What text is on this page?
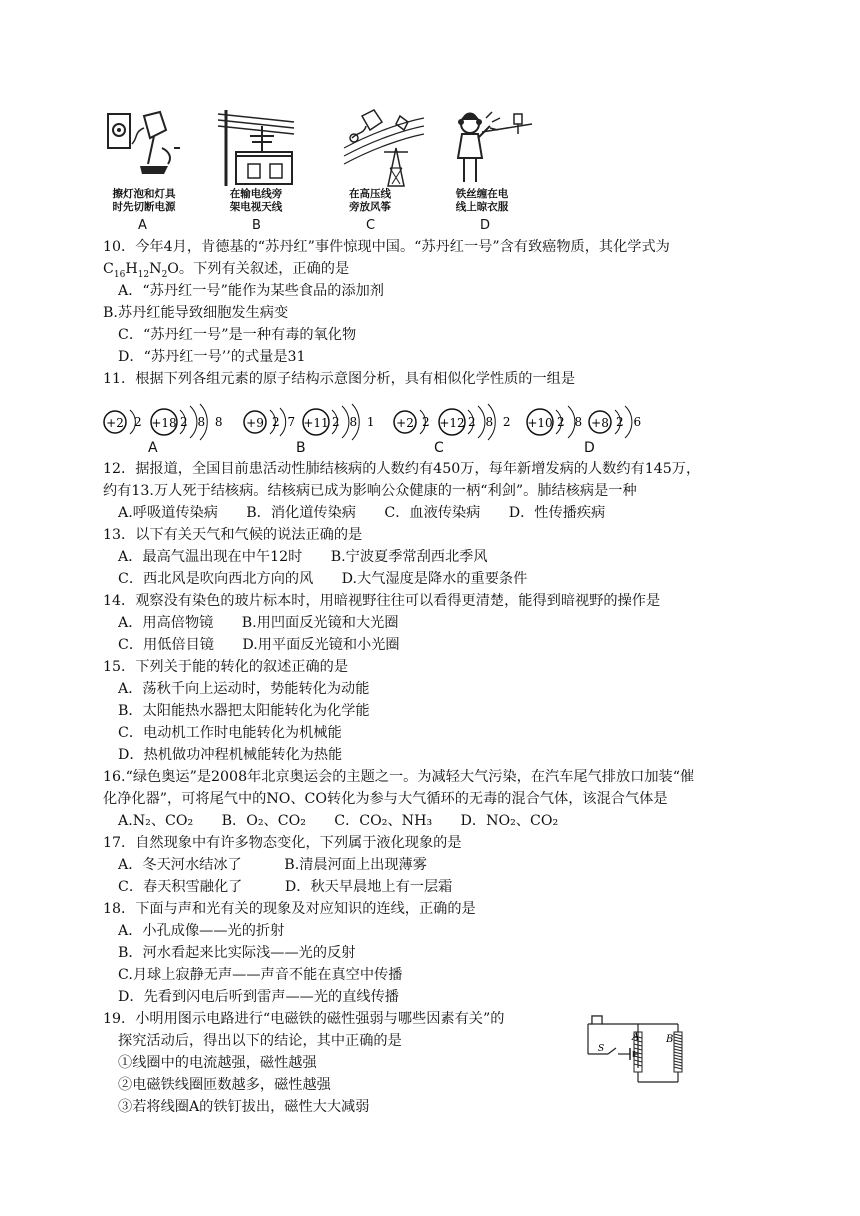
擦灯泡和灯具
时先切断电源
在输电线旁
架电视天线
在高压线
旁放风筝
铁丝缠在电
线上晾衣服
A	B	C	D
10．今年4月，肯德基的“苏丹红”事件惊现中国。“苏丹红一号”含有致癌物质，其化学式为
$C_{16}H_{12}N_2O$。下列有关叙述，正确的是
A．“苏丹红一号”能作为某些食品的添加剂
B.苏丹红能导致细胞发生病变
C．“苏丹红一号”是一种有毒的氧化物
D．“苏丹红一号’’的式量是31
11．根据下列各组元素的原子结构示意图分析，具有相似化学性质的一组是
+2 2 +18 2 8 8 +9 2 7 +11 2 8 1 +2 2 +12 2 8 2 +10 2 8 +8 2 6
A	B	C	D
12．据报道，全国目前患活动性肺结核病的人数约有450万，每年新增发病的人数约有145万，
约有13.万人死于结核病。结核病已成为影响公众健康的一柄“利剑”。肺结核病是一种
A.呼吸道传染病　　B．消化道传染病　　C．血液传染病　　D．性传播疾病
13．以下有关天气和气候的说法正确的是
A．最高气温出现在中午12时　　B.宁波夏季常刮西北季风
C．西北风是吹向西北方向的风　　D.大气湿度是降水的重要条件
14．观察没有染色的玻片标本时，用暗视野往往可以看得更清楚，能得到暗视野的操作是
A．用高倍物镜　　B.用凹面反光镜和大光圈
C．用低倍目镜　　D.用平面反光镜和小光圈
15．下列关于能的转化的叙述正确的是
A．荡秋千向上运动时，势能转化为动能
B．太阳能热水器把太阳能转化为化学能
C．电动机工作时电能转化为机械能
D．热机做功冲程机械能转化为热能
16.“绿色奥运”是2008年北京奥运会的主题之一。为减轻大气污染，在汽车尾气排放口加装“催
化净化器”，可将尾气中的NO、CO转化为参与大气循环的无毒的混合气体，该混合气体是
A.N₂、CO₂　　B．O₂、CO₂　　C．CO₂、NH₃　　D．NO₂、CO₂
17．自然现象中有许多物态变化，下列属于液化现象的是
A．冬天河水结冰了　　　B.清晨河面上出现薄雾
C．春天积雪融化了　　　D．秋天早晨地上有一层霜
18．下面与声和光有关的现象及对应知识的连线，正确的是
A．小孔成像——光的折射
B．河水看起来比实际浅——光的反射
C.月球上寂静无声——声音不能在真空中传播
D．先看到闪电后听到雷声——光的直线传播
19．小明用图示电路进行“电磁铁的磁性强弱与哪些因素有关”的
探究活动后，得出以下的结论，其中正确的是
①线圈中的电流越强，磁性越强
②电磁铁线圈匝数越多，磁性越强
③若将线圈A的铁钉拔出，磁性大大减弱
A	B
S
